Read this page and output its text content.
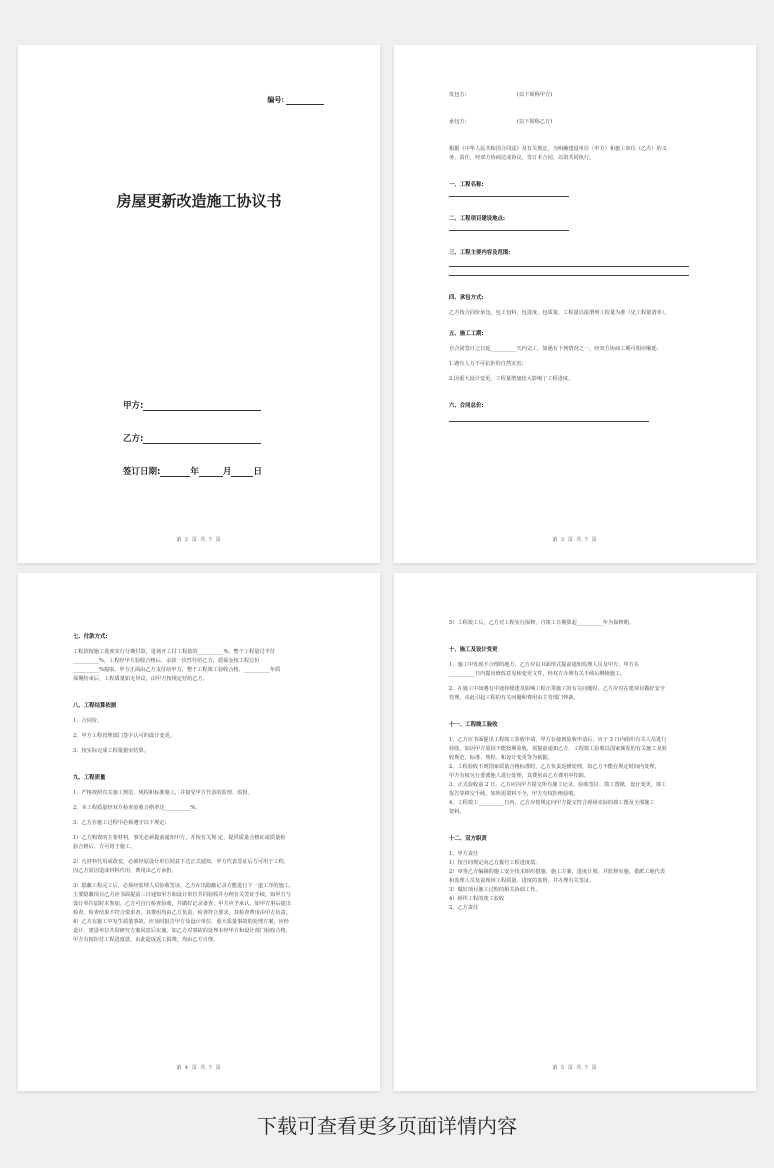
编号:
房屋更新改造施工协议书
甲方:
乙方:
签订日期:	年	月	日
第 2 页 共 7 页
发包方:	(以下简称甲方)
承包方:	(以下简称乙方)
根据《中华人民共和国合同法》及有关规定，为明确建设单位（甲方）和施工单位（乙方）的义
务、责任，经双方协商达成协议，签订本合同，以资共同执行。
一、工程名称:
二、工程项目建设地点:
三、工程主要内容及范围:
四、承包方式:
乙方按合同价承包，包工包料、包进度、包质量，工程量以报册列工程量为准（见工程量清单）。
五、施工工期:
自合同签订之日起__________天内完工，如遇有下列情况之一，经双方协商工期可相应顺延:
1.遇有人力不可抗拒的自然灾害;
2.因重大设计变更，工程量增加较大影响了工程进度。
六、合同总价:
第 3 页 共 7 页
七、付款方式:
工程款按施工进度实行分期付款，进场开工付工程款的__________%，整个工程量过半付
__________%，工程经甲方验收合格后，余款一次性付给乙方，质保金按工程总价
__________%提取，甲方正面由乙方支付给甲方，整个工程竣工验收合格，__________年质
保期结束后，工程质量如无异议，由甲方按规定付给乙方。
八、工程结算依据
1、合同价。
2、甲方工程管理部门签字认可的设计变更。
3、按实际完成工程量据实结算。
九、工程质量
1、严格按照有关施工规范、规程和标准施工，并接受甲方代表的监理、监督。
2、本工程质量经双方检查验收合格率达__________%。
3、乙方在施工过程中必须遵守以下规定:
1）乙方购置的主要材料，事先必须提前通知甲方，并按有关规 定，提供质量合格证或质量检
验合格后，方可用于施工。
2）凡材料代用或改变，必须经原设计单位同意下达正式通知，甲方代表签证后方可用于工程，
因乙方原因造成材料代用，费用由乙方承担。
3）隐蔽工程完工后，必须经监理人员验收签证，乙方在出隐蔽记录方能进行下一道工序的施工，
主要隐蔽项目乙方应书面提前三日通知甲方和设计单位共同验收并办理有关签证手续，如甲方与
设计单位届时未参加，乙方可自行检查验收，并做好记录备查；甲方应予承认，如甲方事后提出
检查，检查结果不符合要求者，其费用均由乙方负责，检查符合要求，其检查费用由甲方负责。
4）乙方在施工中发生质量事故，应及时报告甲方及设计单位，重大质量事故的处理方案，应经
设计、建设单位共同研究方案同意后实施，如乙方对事故的处理未经甲方和设计部门验收合格，
甲方有权拒付工程进度款，由此造成返工损费，均由乙方自理。
第 4 页 共 7 页
5）工程竣工后，乙方对工程实行保修，自竣工日期算起__________年为保修期。
十、施工及设计变更
1、施工中发现不合理的地方，乙方应以书面形式提前通知监理人员及甲方，甲方在
__________日内提出修改意见和变更文件，经双方办理有关手续后继续施工。
2、在施工中如遇有中途停缓建及影响工程正常施工的有关问题时，乙方应对在建项目做好安全
管理，由此引起工程的有关问题和费用由主管部门仲裁。
十一、工程竣工验收
1、乙方应书面提出工程竣工验收申请，甲方在接到验收申请后，应于 3 日内组织有关人员进行
验收，如因甲方原因不能按期验收，需提前通知乙方，工程竣工验收以国家颁发的有关施工及验
收规范、标准、规程、和设计变更等为依据。
2、工程验收不到国家质量合格标准时，乙方负责返修处理，如乙方不能在规定时间内处理，
甲方有权另行委派他人进行处理，其费用由乙方费用中扣除。
3、正式验收前 2 日，乙方应向甲方提交所有施工记录，验收签证、竣工图纸、设计变更、竣工
报告等移交手续，如所需资料不全，甲方有权拒绝验收。
4、工程竣工__________日内，乙方应按规定向甲方提交符合现场实际的竣工图及全部施工
资料。
十二、双方职责
1、甲方责任
1）按合同规定向乙方拨付工程进度款。
2）审查乙方编制的施工安全技术组织措施、施工方案、进度计划，并监督实施，委派工地代表
和监理人员负责现场工程质量、进度的监督，并办理有关签证。
3）做好项目施工过程的相关协调工作。
4）组织工程的竣工验收
2、乙方责任
第 5 页 共 7 页
下载可查看更多页面详情内容
